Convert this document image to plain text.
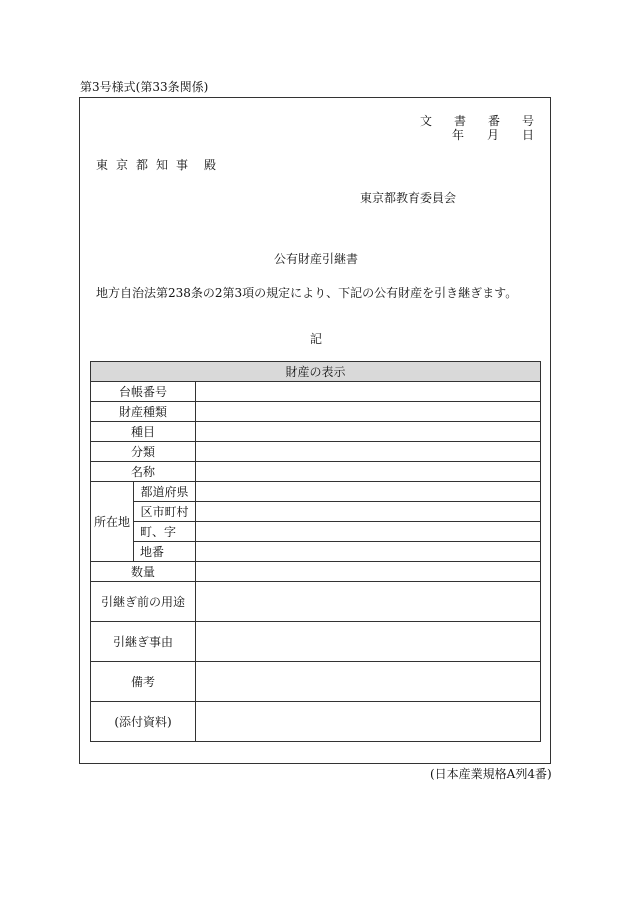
第3号様式(第33条関係)
文 書 番 号
年 月 日
東 京 都 知 事 殿
東京都教育委員会
公有財産引継書
地方自治法第238条の2第3項の規定により、下記の公有財産を引き継ぎます。
記
財産の表示		
台帳番号		
財産種類		
種目		
分類		
名称		
所在地	都道府県	
	区市町村	
	町、字	
	地番	
数量		
引継ぎ前の用途		
引継ぎ事由		
備考		
(添付資料)		
(日本産業規格A列4番)
